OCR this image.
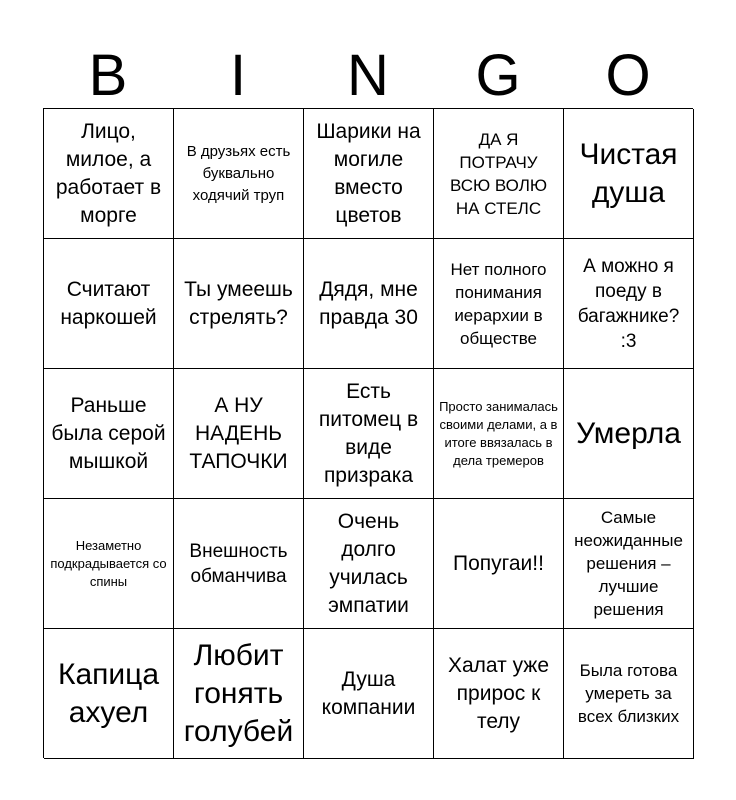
B	I	N	G	O
Лицо, милое, а работает в морге
В друзьях есть буквально ходячий труп
Шарики на могиле вместо цветов
ДА Я ПОТРАЧУ ВСЮ ВОЛЮ НА СТЕЛС
Чистая душа
Считают наркошей
Ты умеешь стрелять?
Дядя, мне правда 30
Нет полного понимания иерархии в обществе
А можно я поеду в багажнике? :3
Раньше была серой мышкой
А НУ НАДЕНЬ ТАПОЧКИ
Есть питомец в виде призрака
Просто занималась своими делами, а в итоге ввязалась в дела тремеров
Умерла
Незаметно подкрадывается со спины
Внешность обманчива
Очень долго училась эмпатии
Попугаи!!
Самые неожиданные решения – лучшие решения
Капица ахуел
Любит гонять голубей
Душа компании
Халат уже прирос к телу
Была готова умереть за всех близких
